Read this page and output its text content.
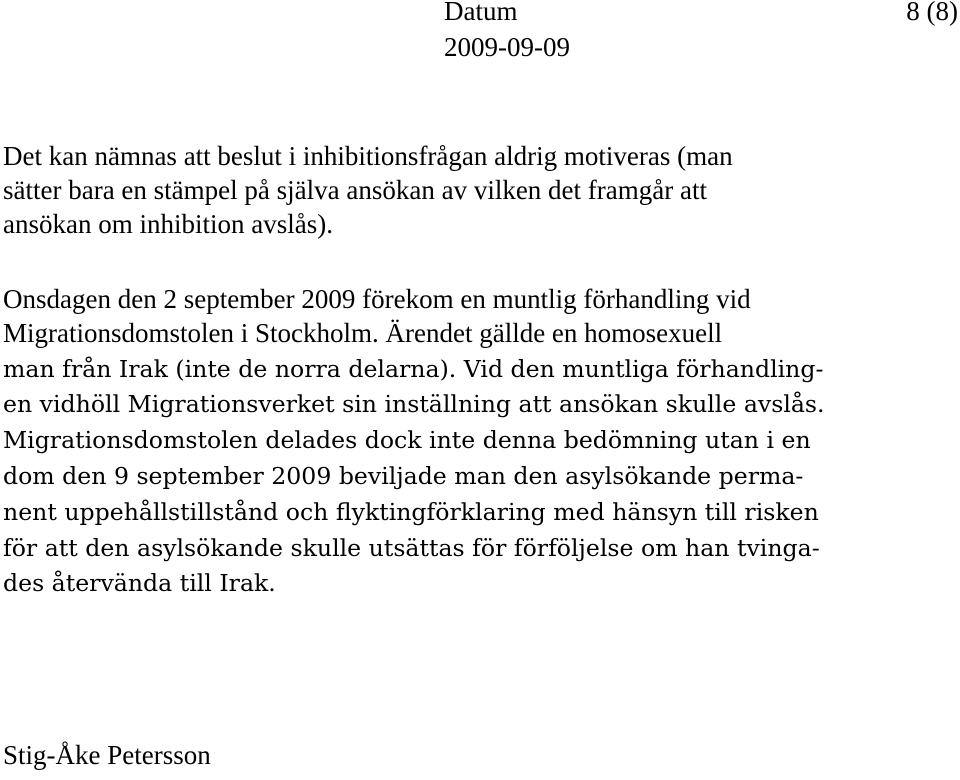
Datum
2009-09-09
8 (8)
Det kan nämnas att beslut i inhibitionsfrågan aldrig motiveras (man
sätter bara en stämpel på själva ansökan av vilken det framgår att
ansökan om inhibition avslås).
Onsdagen den 2 september 2009 förekom en muntlig förhandling vid
Migrationsdomstolen i Stockholm. Ärendet gällde en homosexuell
man från Irak (inte de norra delarna). Vid den muntliga förhandling-
en vidhöll Migrationsverket sin inställning att ansökan skulle avslås.
Migrationsdomstolen delades dock inte denna bedömning utan i en
dom den 9 september 2009 beviljade man den asylsökande perma-
nent uppehållstillstånd och flyktingförklaring med hänsyn till risken
för att den asylsökande skulle utsättas för förföljelse om han tvinga-
des återvända till Irak.
Stig-Åke Petersson
